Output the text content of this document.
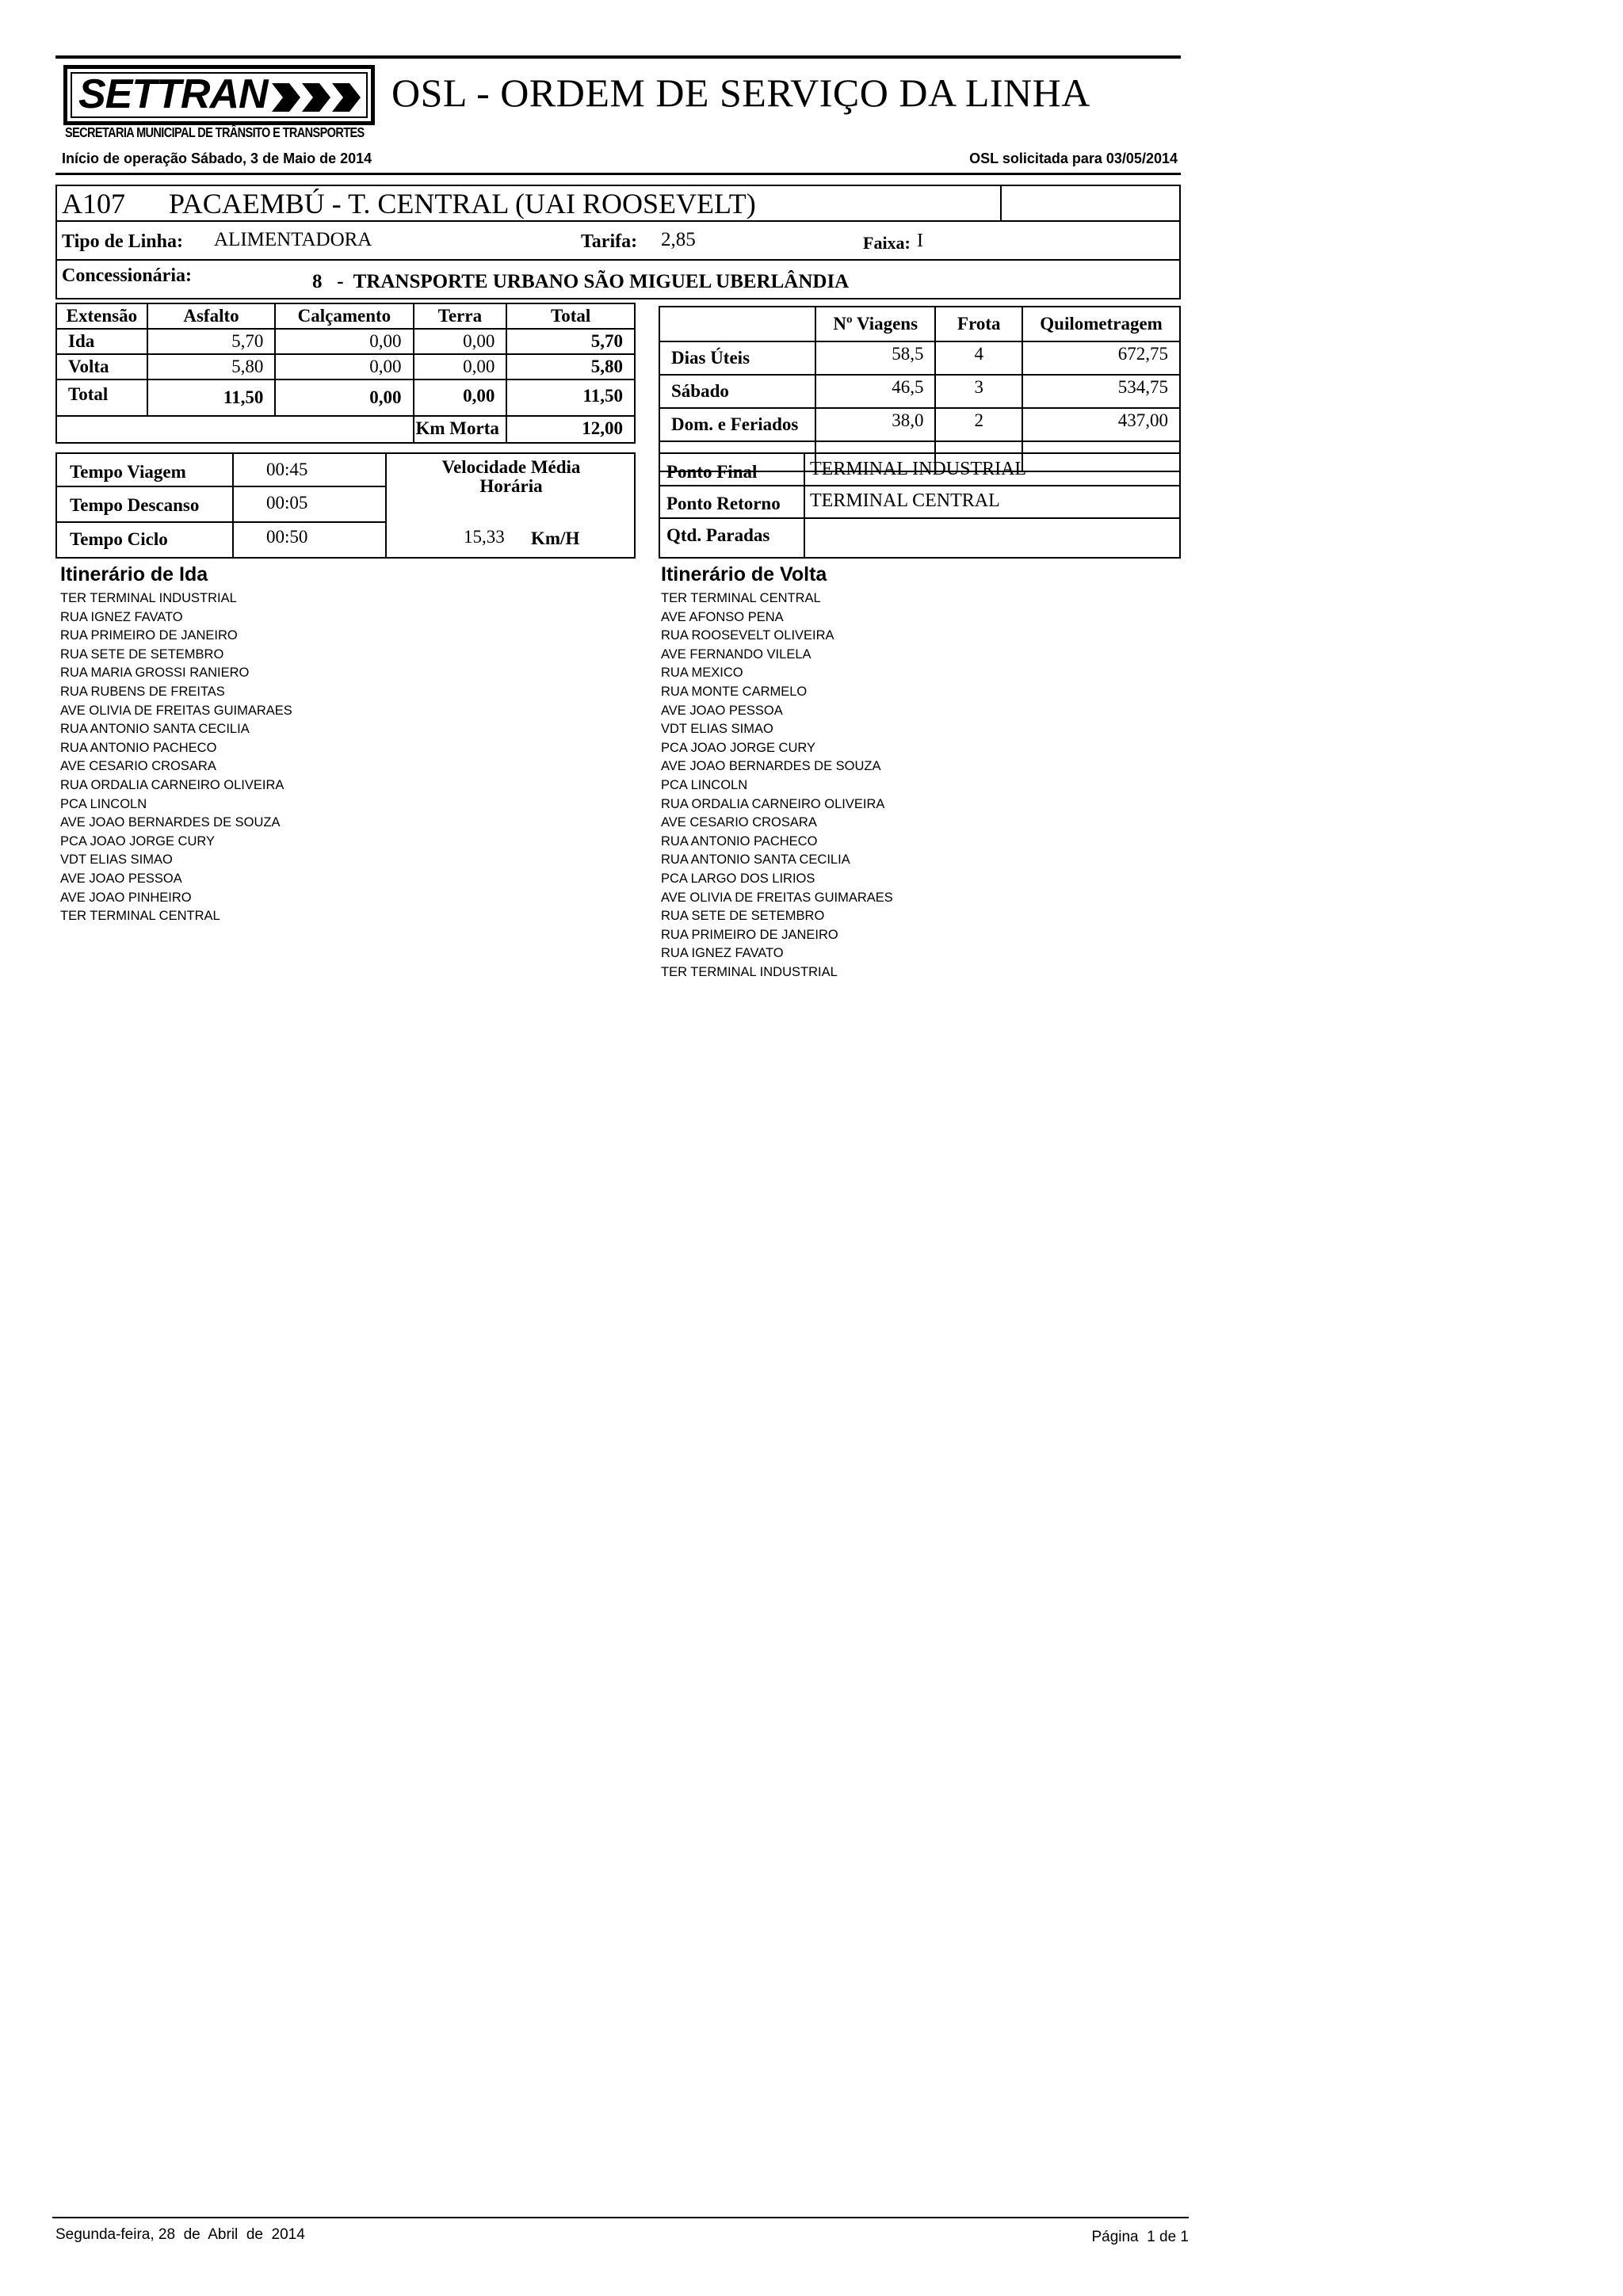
SETTRAN
SECRETARIA MUNICIPAL DE TRÂNSITO E TRANSPORTES
OSL - ORDEM DE SERVIÇO DA LINHA
Início de operação Sábado, 3 de Maio de 2014	OSL solicitada para 03/05/2014
A107 PACAEMBÚ - T. CENTRAL (UAI ROOSEVELT)
Tipo de Linha: ALIMENTADORA	Tarifa: 2,85	Faixa: I
Concessionária:	8   -  TRANSPORTE URBANO SÃO MIGUEL UBERLÂNDIA
Extensão	Asfalto	Calçamento	Terra	Total
Ida	5,70	0,00	0,00	5,70
Volta	5,80	0,00	0,00	5,80
Total	11,50	0,00	0,00	11,50
			Km Morta	12,00
	Nº Viagens	Frota	Quilometragem
Dias Úteis	58,5	4	672,75
Sábado	46,5	3	534,75
Dom. e Feriados	38,0	2	437,00

Tempo Viagem	00:45
Tempo Descanso	00:05
Tempo Ciclo	00:50
Velocidade Média
Horária
15,33 Km/H
Ponto Final	TERMINAL INDUSTRIAL
Ponto Retorno TERMINAL CENTRAL
Qtd. Paradas
Itinerário de Ida
TER TERMINAL INDUSTRIAL
RUA IGNEZ FAVATO
RUA PRIMEIRO DE JANEIRO
RUA SETE DE SETEMBRO
RUA MARIA GROSSI RANIERO
RUA RUBENS DE FREITAS
AVE OLIVIA DE FREITAS GUIMARAES
RUA ANTONIO SANTA CECILIA
RUA ANTONIO PACHECO
AVE CESARIO CROSARA
RUA ORDALIA CARNEIRO OLIVEIRA
PCA LINCOLN
AVE JOAO BERNARDES DE SOUZA
PCA JOAO JORGE CURY
VDT ELIAS SIMAO
AVE JOAO PESSOA
AVE JOAO PINHEIRO
TER TERMINAL CENTRAL
Itinerário de Volta
TER TERMINAL CENTRAL
AVE AFONSO PENA
RUA ROOSEVELT OLIVEIRA
AVE FERNANDO VILELA
RUA MEXICO
RUA MONTE CARMELO
AVE JOAO PESSOA
VDT ELIAS SIMAO
PCA JOAO JORGE CURY
AVE JOAO BERNARDES DE SOUZA
PCA LINCOLN
RUA ORDALIA CARNEIRO OLIVEIRA
AVE CESARIO CROSARA
RUA ANTONIO PACHECO
RUA ANTONIO SANTA CECILIA
PCA LARGO DOS LIRIOS
AVE OLIVIA DE FREITAS GUIMARAES
RUA SETE DE SETEMBRO
RUA PRIMEIRO DE JANEIRO
RUA IGNEZ FAVATO
TER TERMINAL INDUSTRIAL
Segunda-feira, 28  de  Abril  de  2014	Página  1 de 1
